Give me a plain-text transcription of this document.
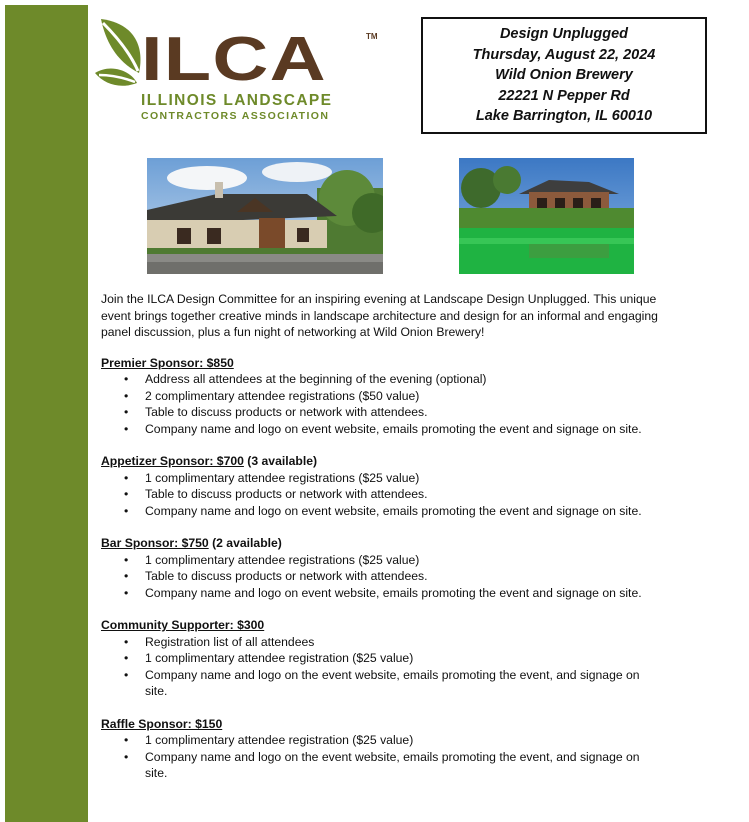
ILCA	TM
ILLINOIS LANDSCAPE
CONTRACTORS ASSOCIATION
Design Unplugged
Thursday, August 22, 2024
Wild Onion Brewery
22221 N Pepper Rd
Lake Barrington, IL 60010

Join the ILCA Design Committee for an inspiring evening at Landscape Design Unplugged. This unique event brings together creative minds in landscape architecture and design for an informal and engaging panel discussion, plus a fun night of networking at Wild Onion Brewery!

Premier Sponsor: $850
• Address all attendees at the beginning of the evening (optional)
• 2 complimentary attendee registrations ($50 value)
• Table to discuss products or network with attendees.
• Company name and logo on event website, emails promoting the event and signage on site.
Appetizer Sponsor: $700 (3 available)
• 1 complimentary attendee registrations ($25 value)
• Table to discuss products or network with attendees.
• Company name and logo on event website, emails promoting the event and signage on site.
Bar Sponsor: $750 (2 available)
• 1 complimentary attendee registrations ($25 value)
• Table to discuss products or network with attendees.
• Company name and logo on event website, emails promoting the event and signage on site.
Community Supporter: $300
• Registration list of all attendees
• 1 complimentary attendee registration ($25 value)
• Company name and logo on the event website, emails promoting the event, and signage on site.
Raffle Sponsor: $150
• 1 complimentary attendee registration ($25 value)
• Company name and logo on the event website, emails promoting the event, and signage on site.
